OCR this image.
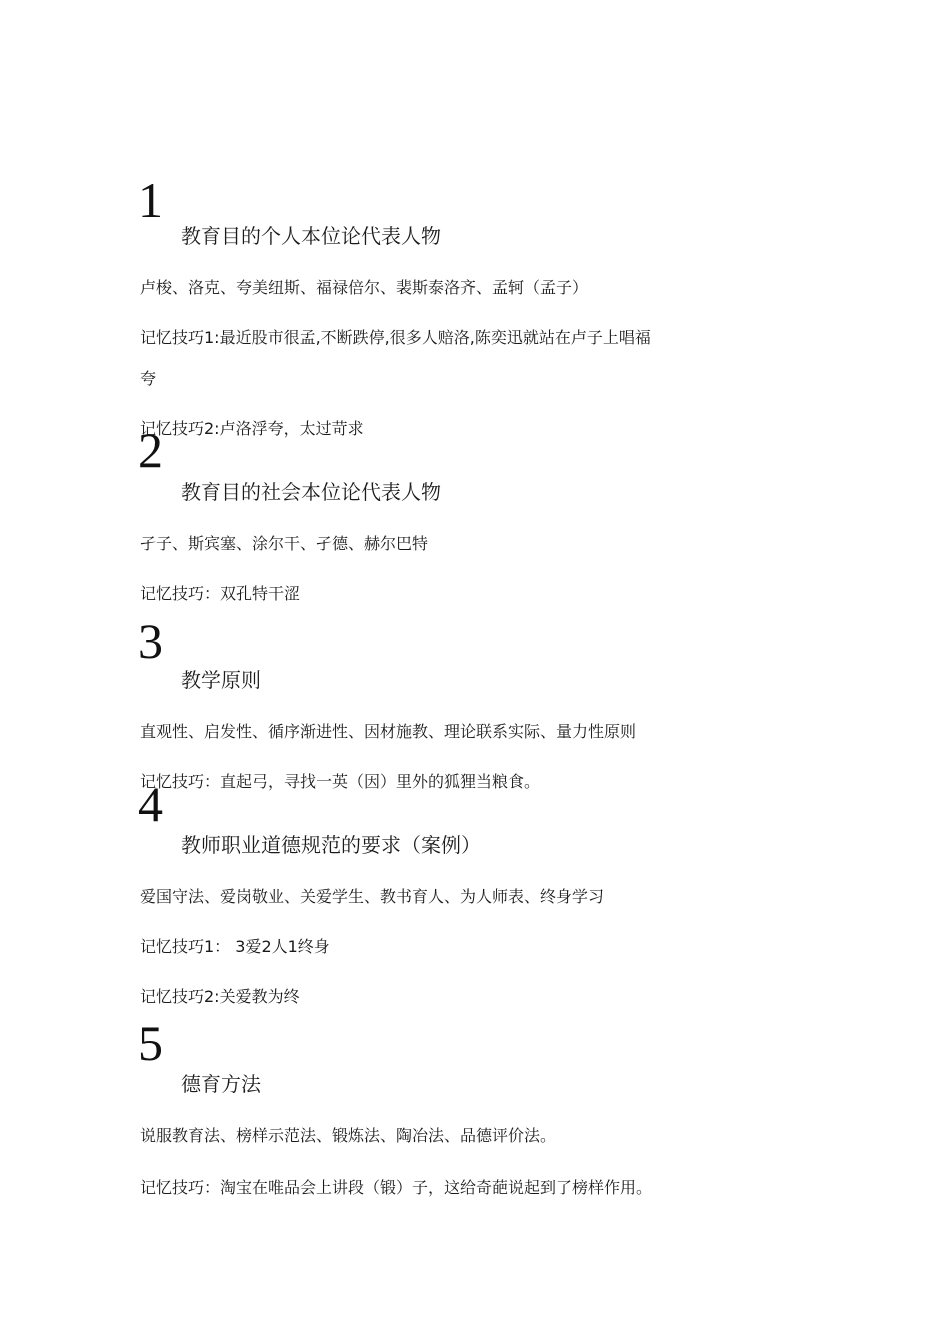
1
教育目的个人本位论代表人物
卢梭、洛克、夸美纽斯、福禄倍尔、裴斯泰洛齐、孟轲（孟子）
记忆技巧1:最近股市很孟,不断跌停,很多人赔洛,陈奕迅就站在卢子上唱福
夸
记忆技巧2:卢洛浮夸，太过苛求
2
教育目的社会本位论代表人物
孑子、斯宾塞、涂尔干、孑德、赫尔巴特
记忆技巧：双孔特干涩
3
教学原则
直观性、启发性、循序渐进性、因材施教、理论联系实际、量力性原则
记忆技巧：直起弓，寻找一英（因）里外的狐狸当粮食。
4
教师职业道德规范的要求（案例）
爱国守法、爱岗敬业、关爱学生、教书育人、为人师表、终身学习
记忆技巧1： 3爱2人1终身
记忆技巧2:关爱教为终
5
德育方法
说服教育法、榜样示范法、锻炼法、陶冶法、品德评价法。
记忆技巧：淘宝在唯品会上讲段（锻）子，这给奇葩说起到了榜样作用。
